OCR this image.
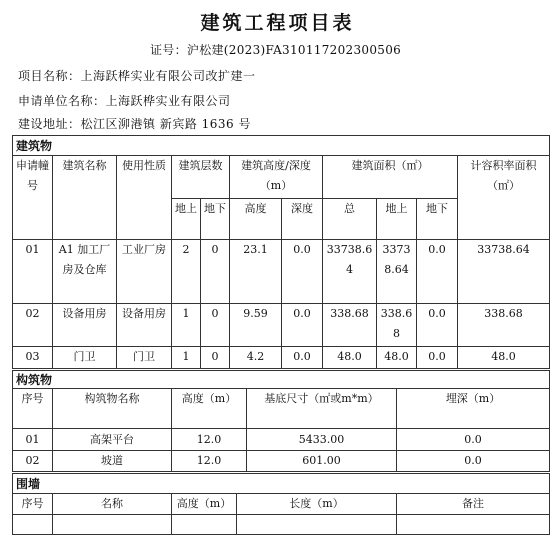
建筑工程项目表
证号：沪松建(2023)FA310117202300506
项目名称：上海跃桦实业有限公司改扩建一
申请单位名称：上海跃桦实业有限公司
建设地址：松江区泖港镇 新宾路 1636 号
建筑物										
申请幢号	建筑名称	使用性质	建筑层数		建筑高度/深度（m）		建筑面积（㎡）			计容积率面积（㎡）
			地上	地下	高度	深度	总	地上	地下	
01	A1 加工厂房及仓库	工业厂房	2	0	23.1	0.0	33738.64	33738.64	0.0	33738.64
02	设备用房	设备用房	1	0	9.59	0.0	338.68	338.68	0.0	338.68
03	门卫	门卫	1	0	4.2	0.0	48.0	48.0	0.0	48.0
构筑物				
序号	构筑物名称	高度（m）	基底尺寸（㎡或m*m）	埋深（m）
01	高架平台	12.0	5433.00	0.0
02	坡道	12.0	601.00	0.0
围墙				
序号	名称	高度（m）	长度（m）	备注
